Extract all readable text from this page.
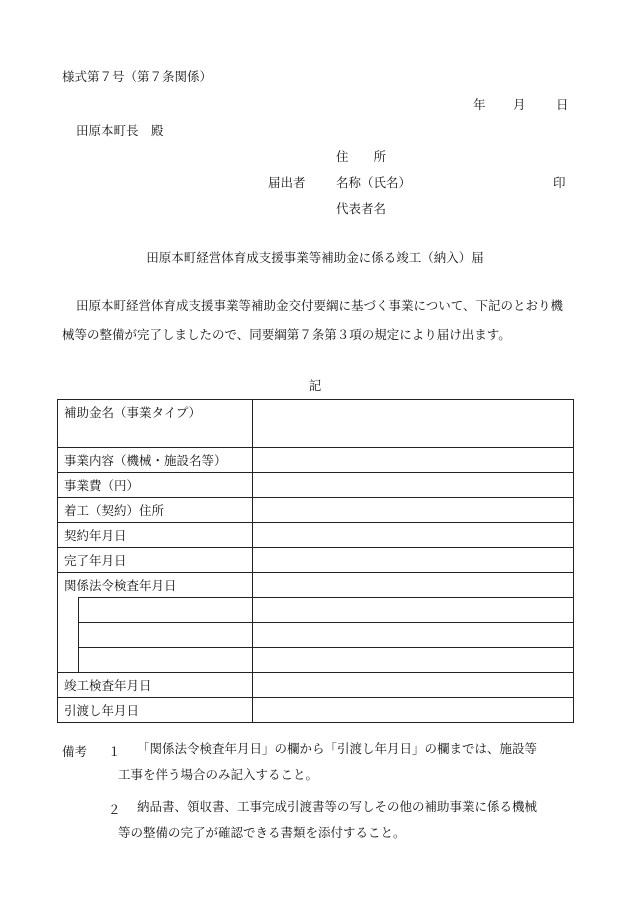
様式第７号（第７条関係）
年 月 日
田原本町長　殿
住　　所
届出者 名称（氏名）	印
代表者名
田原本町経営体育成支援事業等補助金に係る竣工（納入）届
田原本町経営体育成支援事業等補助金交付要綱に基づく事業について、下記のとおり機械等の整備が完了しましたので、同要綱第７条第３項の規定により届け出ます。
記
補助金名（事業タイプ）		
事業内容（機械・施設名等）		
事業費（円）		
着工（契約）住所		
契約年月日		
完了年月日		
関係法令検査年月日		

竣工検査年月日		
引渡し年月日		
備考 １ 「関係法令検査年月日」の欄から「引渡し年月日」の欄までは、施設等
工事を伴う場合のみ記入すること。
２ 納品書、領収書、工事完成引渡書等の写しその他の補助事業に係る機械
等の整備の完了が確認できる書類を添付すること。
